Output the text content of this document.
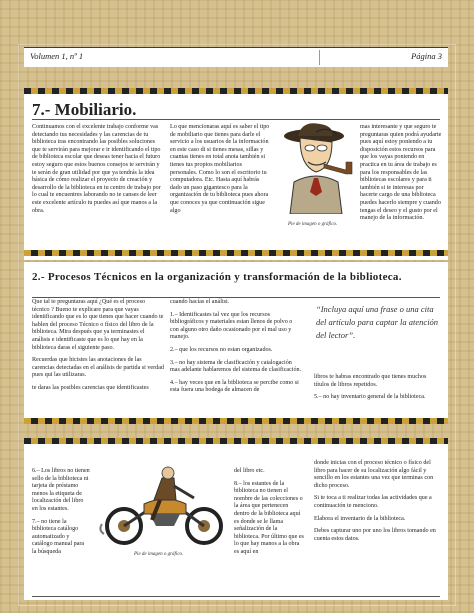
Volumen 1, nº 1	Página 3
7.- Mobiliario.

Continuamos con el excelente trabajo conforme vas detectando tus necesidades y las carencias de tu biblioteca iras encontrando las posibles soluciones que te servirán para mejorar e ir identificando el tipo de biblioteca escolar que deseas tener hacia el futuro estoy seguro que estos buenos consejos te servirán y te serán de gran utilidad por que ya tendrás la idea básica de cómo realizar el proyecto de creación y desarrollo de la biblioteca en tu centro de trabajo por lo cual te encuentres laborando no te canses de leer este excelente artículo tu puedes así que manos a la obra.

Lo que mencionaras aquí es saber el tipo de mobiliario que tienes para darle el servicio a los usuarios de la información en este caso di si tienes mesas, sillas y cuantas tienes en total anota también si tienes tus propios mobiliarios personales. Como lo son el escritorio tu computadora. Etc. Hasta aquí habrás dado un paso gigantesco para la organización de tu biblioteca pues ahora que conoces ya que continuación sigue algo

Pie de imagen o gráfico.

mas interesante y que seguro te preguntaras quien podrá ayudarte pues aquí estoy poniendo a tu disposición estos recursos para que los vayas poniendo en practica en tu área de trabajo es para los responsables de las bibliotecas escolares y para ti también si te interesas por hacerte cargo de una biblioteca puedes hacerlo siempre y cuando tengas el deseo y el gusto por el manejo de la información.

2.- Procesos Técnicos en la organización y transformación de la biblioteca.

Que tal te preguntaras aquí ¿Qué es el proceso técnico ? Bueno te explicare para que vayas identificando que es lo que tienes que hacer cuando te hablen del proceso Técnico o físico del libro de la biblioteca. Mira después que ya terminastes el análisis e identificaste que es lo que hay en la biblioteca daras el siguiente paso.

Recuerdas que hicistes las anotaciones de las carencias detectadas en el análisis de partida si verdad pues qui las utilizaras.

te daras las posibles carencias que identificastes

cuando hacías el análisi.

1.– Identificastes tal vez que los recursos bibliográficos y materiales estan llenos de polvo o con alguno otro daño ocasionado por el mal uso y manejo.

2.– que los recursos no estan organizados.

3.– no hay sistema de clasificación y catalogación mas adelante hablaremos del sistema de clasificación.

4.– hay veces que en la biblioteca se percibe como si esta fuera una bodega de almacen de

“Incluya aquí una frase o una cita del artículo para captar la atención del lector”.

libros te habras encontrado que tienes muchos títulos de libros repetidos.

5.– no hay inventario general de la biblioteca.

6.– Los libros no tienen sello de la biblioteca ni tarjeta de préstamo menos la etiqueta de localización del libro en los estantes.

7.– no tiene la biblioteca catálogo automatizado y catálogo manual para la búsqueda	Pie de imagen o gráfico.

del libro etc.

8.– los estantes de la biblioteca no tienen el nombre de las colecciones o la área que pertenecen dentro de la biblioteca aquí es donde se le llama señalización de la biblioteca. Por último que es lo que hay manos a la obra es aquí en

donde inicias con el proceso técnico o físico del libro para hacer de su localización algo fácil y sencillo en los estantes una vez que terminas con dicho proceso.

Si te toca a ti realizar todas las actividades que a continuación te menciono.

Elabora el inventario de la biblioteca.

Debes capturar uno por uno los libros tomando en cuenta estos datos.
